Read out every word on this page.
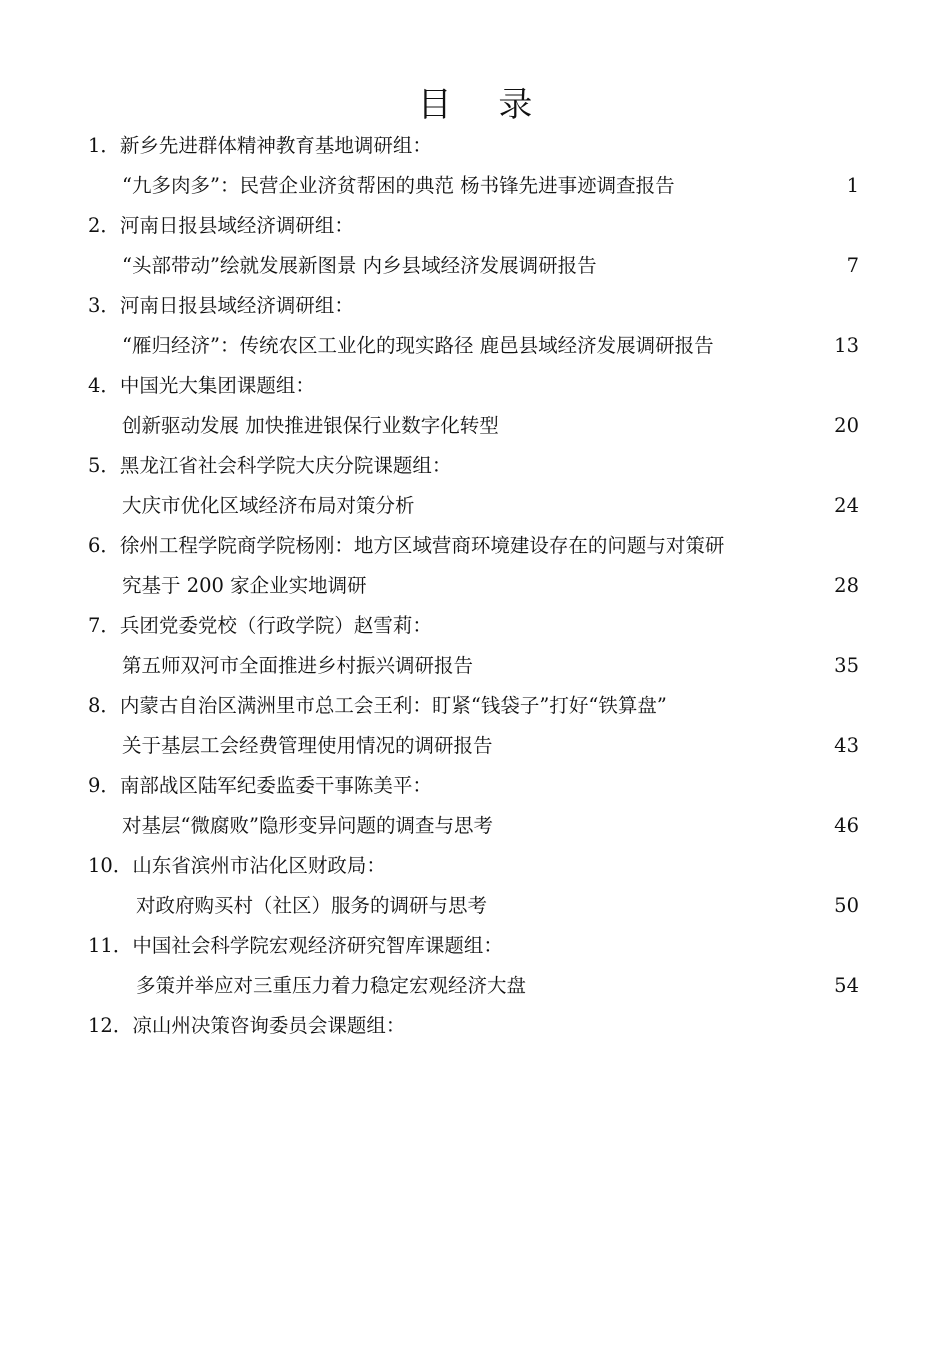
目 录
1．新乡先进群体精神教育基地调研组：
“九多肉多”：民营企业济贫帮困的典范 杨书锋先进事迹调查报告	1
2．河南日报县域经济调研组：
“头部带动”绘就发展新图景 内乡县域经济发展调研报告	7
3．河南日报县域经济调研组：
“雁归经济”：传统农区工业化的现实路径 鹿邑县域经济发展调研报告	13
4．中国光大集团课题组：
创新驱动发展 加快推进银保行业数字化转型	20
5．黑龙江省社会科学院大庆分院课题组：
大庆市优化区域经济布局对策分析	24
6．徐州工程学院商学院杨刚：地方区域营商环境建设存在的问题与对策研
究基于 200 家企业实地调研	28
7．兵团党委党校（行政学院）赵雪莉：
第五师双河市全面推进乡村振兴调研报告	35
8．内蒙古自治区满洲里市总工会王利：盯紧“钱袋子”打好“铁算盘”
关于基层工会经费管理使用情况的调研报告	43
9．南部战区陆军纪委监委干事陈美平：
对基层“微腐败”隐形变异问题的调查与思考	46
10．山东省滨州市沾化区财政局：
对政府购买村（社区）服务的调研与思考	50
11．中国社会科学院宏观经济研究智库课题组：
多策并举应对三重压力着力稳定宏观经济大盘	54
12．凉山州决策咨询委员会课题组：
